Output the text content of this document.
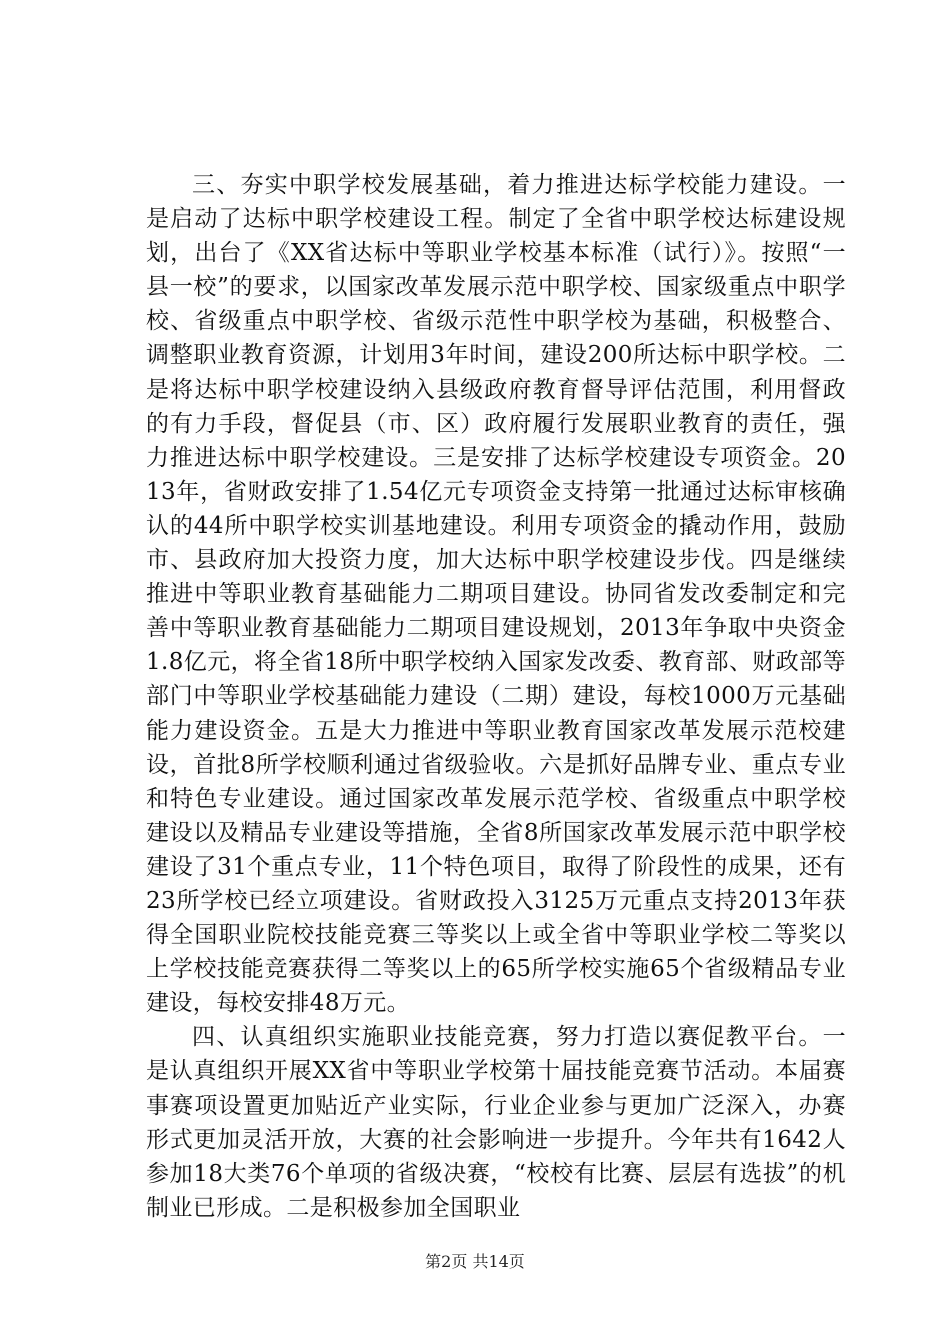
三、夯实中职学校发展基础，着力推进达标学校能力建设。一是启动了达标中职学校建设工程。制定了全省中职学校达标建设规划，出台了《XX省达标中等职业学校基本标准（试行）》。按照“一县一校”的要求，以国家改革发展示范中职学校、国家级重点中职学校、省级重点中职学校、省级示范性中职学校为基础，积极整合、调整职业教育资源，计划用3年时间，建设200所达标中职学校。二是将达标中职学校建设纳入县级政府教育督导评估范围，利用督政的有力手段，督促县（市、区）政府履行发展职业教育的责任，强力推进达标中职学校建设。三是安排了达标学校建设专项资金。2013年，省财政安排了1.54亿元专项资金支持第一批通过达标审核确认的44所中职学校实训基地建设。利用专项资金的撬动作用，鼓励市、县政府加大投资力度，加大达标中职学校建设步伐。四是继续推进中等职业教育基础能力二期项目建设。协同省发改委制定和完善中等职业教育基础能力二期项目建设规划，2013年争取中央资金1.8亿元，将全省18所中职学校纳入国家发改委、教育部、财政部等部门中等职业学校基础能力建设（二期）建设，每校1000万元基础能力建设资金。五是大力推进中等职业教育国家改革发展示范校建设，首批8所学校顺利通过省级验收。六是抓好品牌专业、重点专业和特色专业建设。通过国家改革发展示范学校、省级重点中职学校建设以及精品专业建设等措施，全省8所国家改革发展示范中职学校建设了31个重点专业，11个特色项目，取得了阶段性的成果，还有23所学校已经立项建设。省财政投入3125万元重点支持2013年获得全国职业院校技能竞赛三等奖以上或全省中等职业学校二等奖以上学校技能竞赛获得二等奖以上的65所学校实施65个省级精品专业建设，每校安排48万元。

四、认真组织实施职业技能竞赛，努力打造以赛促教平台。一是认真组织开展XX省中等职业学校第十届技能竞赛节活动。本届赛事赛项设置更加贴近产业实际，行业企业参与更加广泛深入，办赛形式更加灵活开放，大赛的社会影响进一步提升。今年共有1642人参加18大类76个单项的省级决赛，“校校有比赛、层层有选拔”的机制业已形成。二是积极参加全国职业

第2页 共14页
